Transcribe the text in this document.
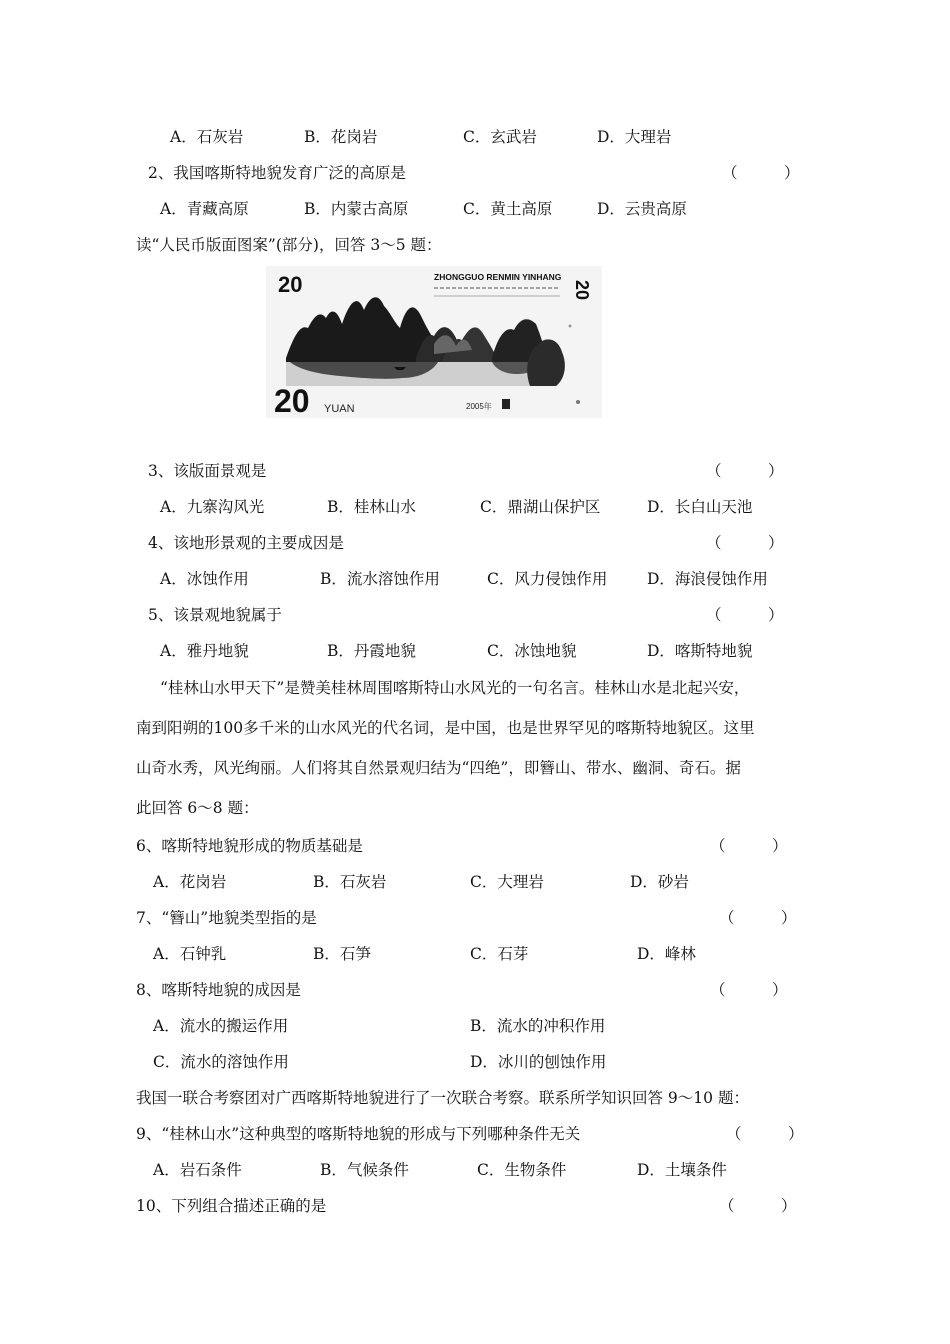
A．石灰岩	B．花岗岩	C．玄武岩	D．大理岩
2、我国喀斯特地貌发育广泛的高原是	（　　　）
A．青藏高原	B．内蒙古高原	C．黄土高原	D．云贵高原
读“人民币版面图案”(部分)，回答 3～5 题：
20	ZHONGGUO RENMIN YINHANG
20 YUAN	2005年
20
3、该版面景观是	（　　　）
A．九寨沟风光	B．桂林山水	C．鼎湖山保护区	D．长白山天池
4、该地形景观的主要成因是	（　　　）
A．冰蚀作用	B．流水溶蚀作用	C．风力侵蚀作用	D．海浪侵蚀作用
5、该景观地貌属于	（　　　）
A．雅丹地貌	B．丹霞地貌	C．冰蚀地貌	D．喀斯特地貌
“桂林山水甲天下”是赞美桂林周围喀斯特山水风光的一句名言。桂林山水是北起兴安，
南到阳朔的100多千米的山水风光的代名词，是中国，也是世界罕见的喀斯特地貌区。这里
山奇水秀，风光绚丽。人们将其自然景观归结为“四绝”，即簪山、带水、幽洞、奇石。据
此回答 6～8 题：
6、喀斯特地貌形成的物质基础是	（　　　）
A．花岗岩	B．石灰岩	C．大理岩	D．砂岩
7、“簪山”地貌类型指的是	（　　　）
A．石钟乳	B．石笋	C．石芽	D．峰林
8、喀斯特地貌的成因是	（　　　）
A．流水的搬运作用	B．流水的冲积作用
C．流水的溶蚀作用	D．冰川的刨蚀作用
我国一联合考察团对广西喀斯特地貌进行了一次联合考察。联系所学知识回答 9～10 题：
9、“桂林山水”这种典型的喀斯特地貌的形成与下列哪种条件无关	（　　　）
A．岩石条件	B．气候条件	C．生物条件	D．土壤条件
10、下列组合描述正确的是	（　　　）
